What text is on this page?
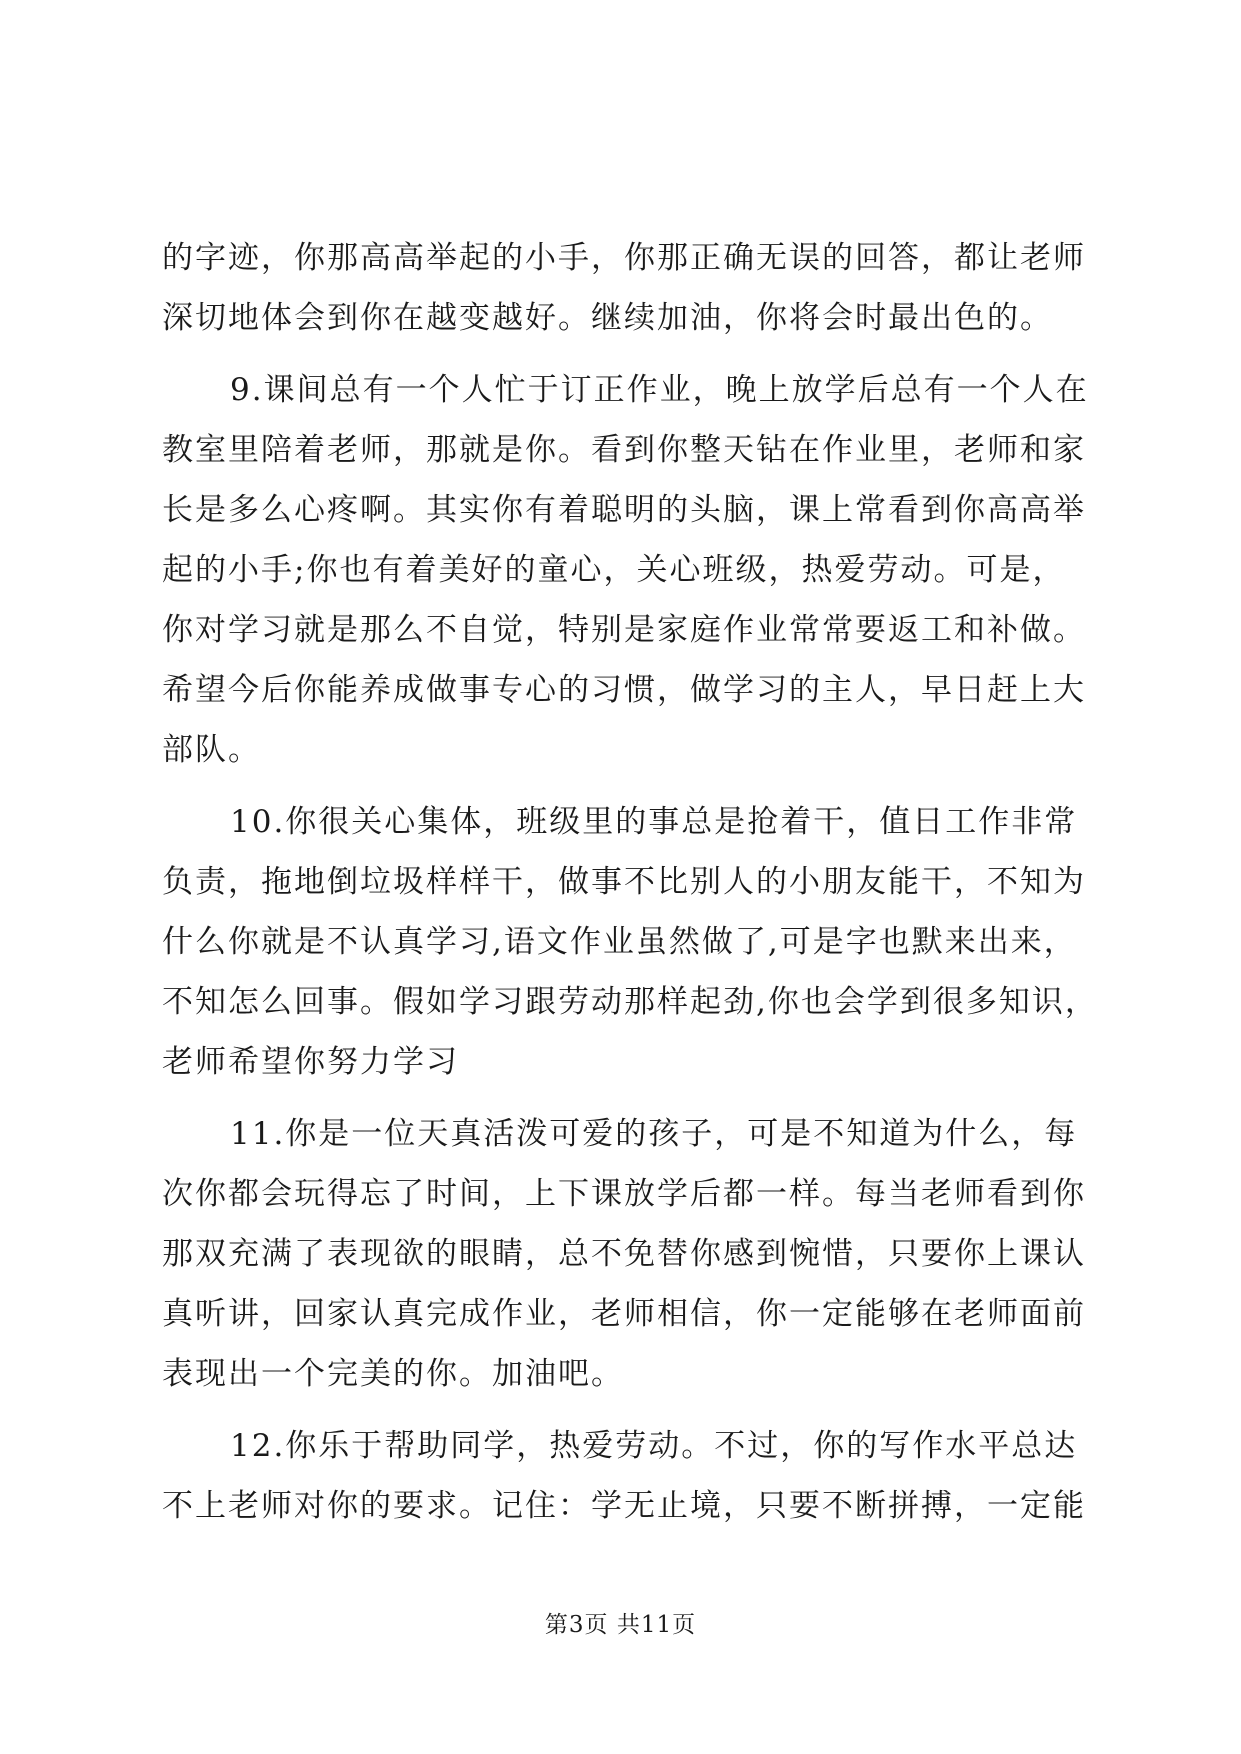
的字迹，你那高高举起的小手，你那正确无误的回答，都让老师
深切地体会到你在越变越好。继续加油，你将会时最出色的。

9.课间总有一个人忙于订正作业，晚上放学后总有一个人在
教室里陪着老师，那就是你。看到你整天钻在作业里，老师和家
长是多么心疼啊。其实你有着聪明的头脑，课上常看到你高高举
起的小手;你也有着美好的童心，关心班级，热爱劳动。可是，
你对学习就是那么不自觉，特别是家庭作业常常要返工和补做。
希望今后你能养成做事专心的习惯，做学习的主人，早日赶上大
部队。

10.你很关心集体，班级里的事总是抢着干，值日工作非常
负责，拖地倒垃圾样样干，做事不比别人的小朋友能干，不知为
什么你就是不认真学习,语文作业虽然做了,可是字也默来出来，
不知怎么回事。假如学习跟劳动那样起劲,你也会学到很多知识，
老师希望你努力学习

11.你是一位天真活泼可爱的孩子，可是不知道为什么，每
次你都会玩得忘了时间，上下课放学后都一样。每当老师看到你
那双充满了表现欲的眼睛，总不免替你感到惋惜，只要你上课认
真听讲，回家认真完成作业，老师相信，你一定能够在老师面前
表现出一个完美的你。加油吧。

12.你乐于帮助同学，热爱劳动。不过，你的写作水平总达
不上老师对你的要求。记住：学无止境，只要不断拼搏，一定能

第3页 共11页
